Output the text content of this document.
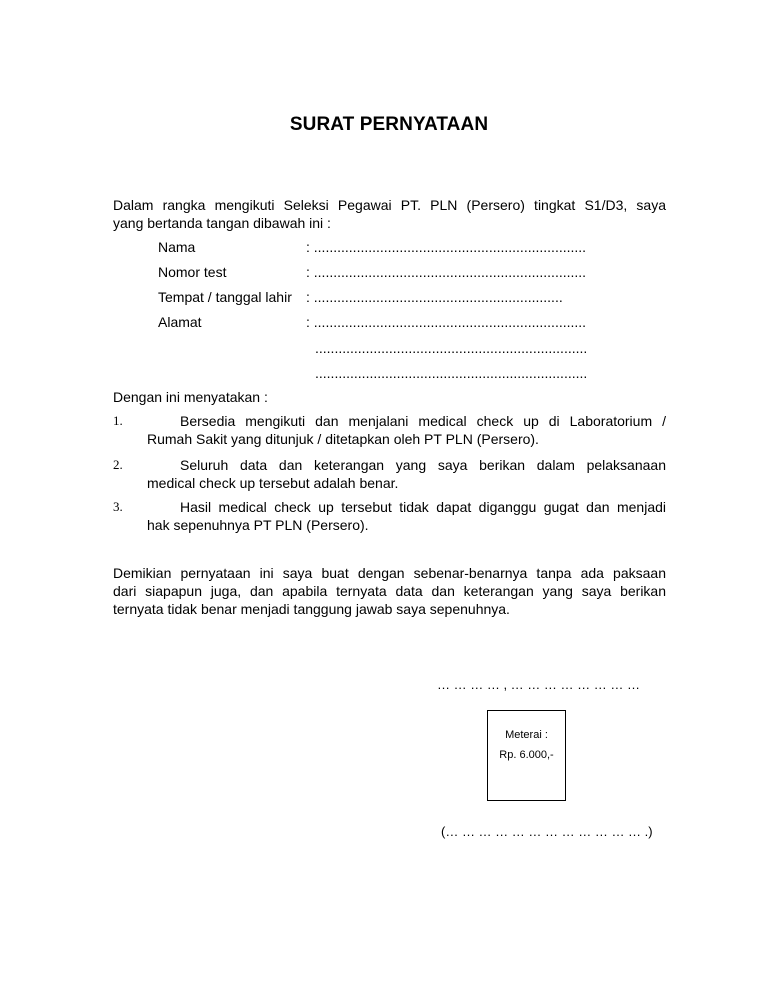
SURAT PERNYATAAN
Dalam rangka mengikuti Seleksi Pegawai PT. PLN (Persero) tingkat S1/D3, saya
yang bertanda tangan dibawah ini :
Nama	: ......................................................................
Nomor test	: ......................................................................
Tempat / tanggal lahir : ................................................................
Alamat	: ......................................................................
......................................................................
......................................................................
Dengan ini menyatakan :
1.	Bersedia mengikuti dan menjalani medical check up di Laboratorium /
Rumah Sakit yang ditunjuk / ditetapkan oleh PT PLN (Persero).
2.	Seluruh data dan keterangan yang saya berikan dalam pelaksanaan
medical check up tersebut adalah benar.
3.	Hasil medical check up tersebut tidak dapat diganggu gugat dan menjadi
hak sepenuhnya PT PLN (Persero).
Demikian pernyataan ini saya buat dengan sebenar-benarnya tanpa ada paksaan
dari siapapun juga, dan apabila ternyata data dan keterangan yang saya berikan
ternyata tidak benar menjadi tanggung jawab saya sepenuhnya.
… … … … , … … … … … … … …
Meterai :
Rp. 6.000,-
(… … … … … … … … … … … … .)
